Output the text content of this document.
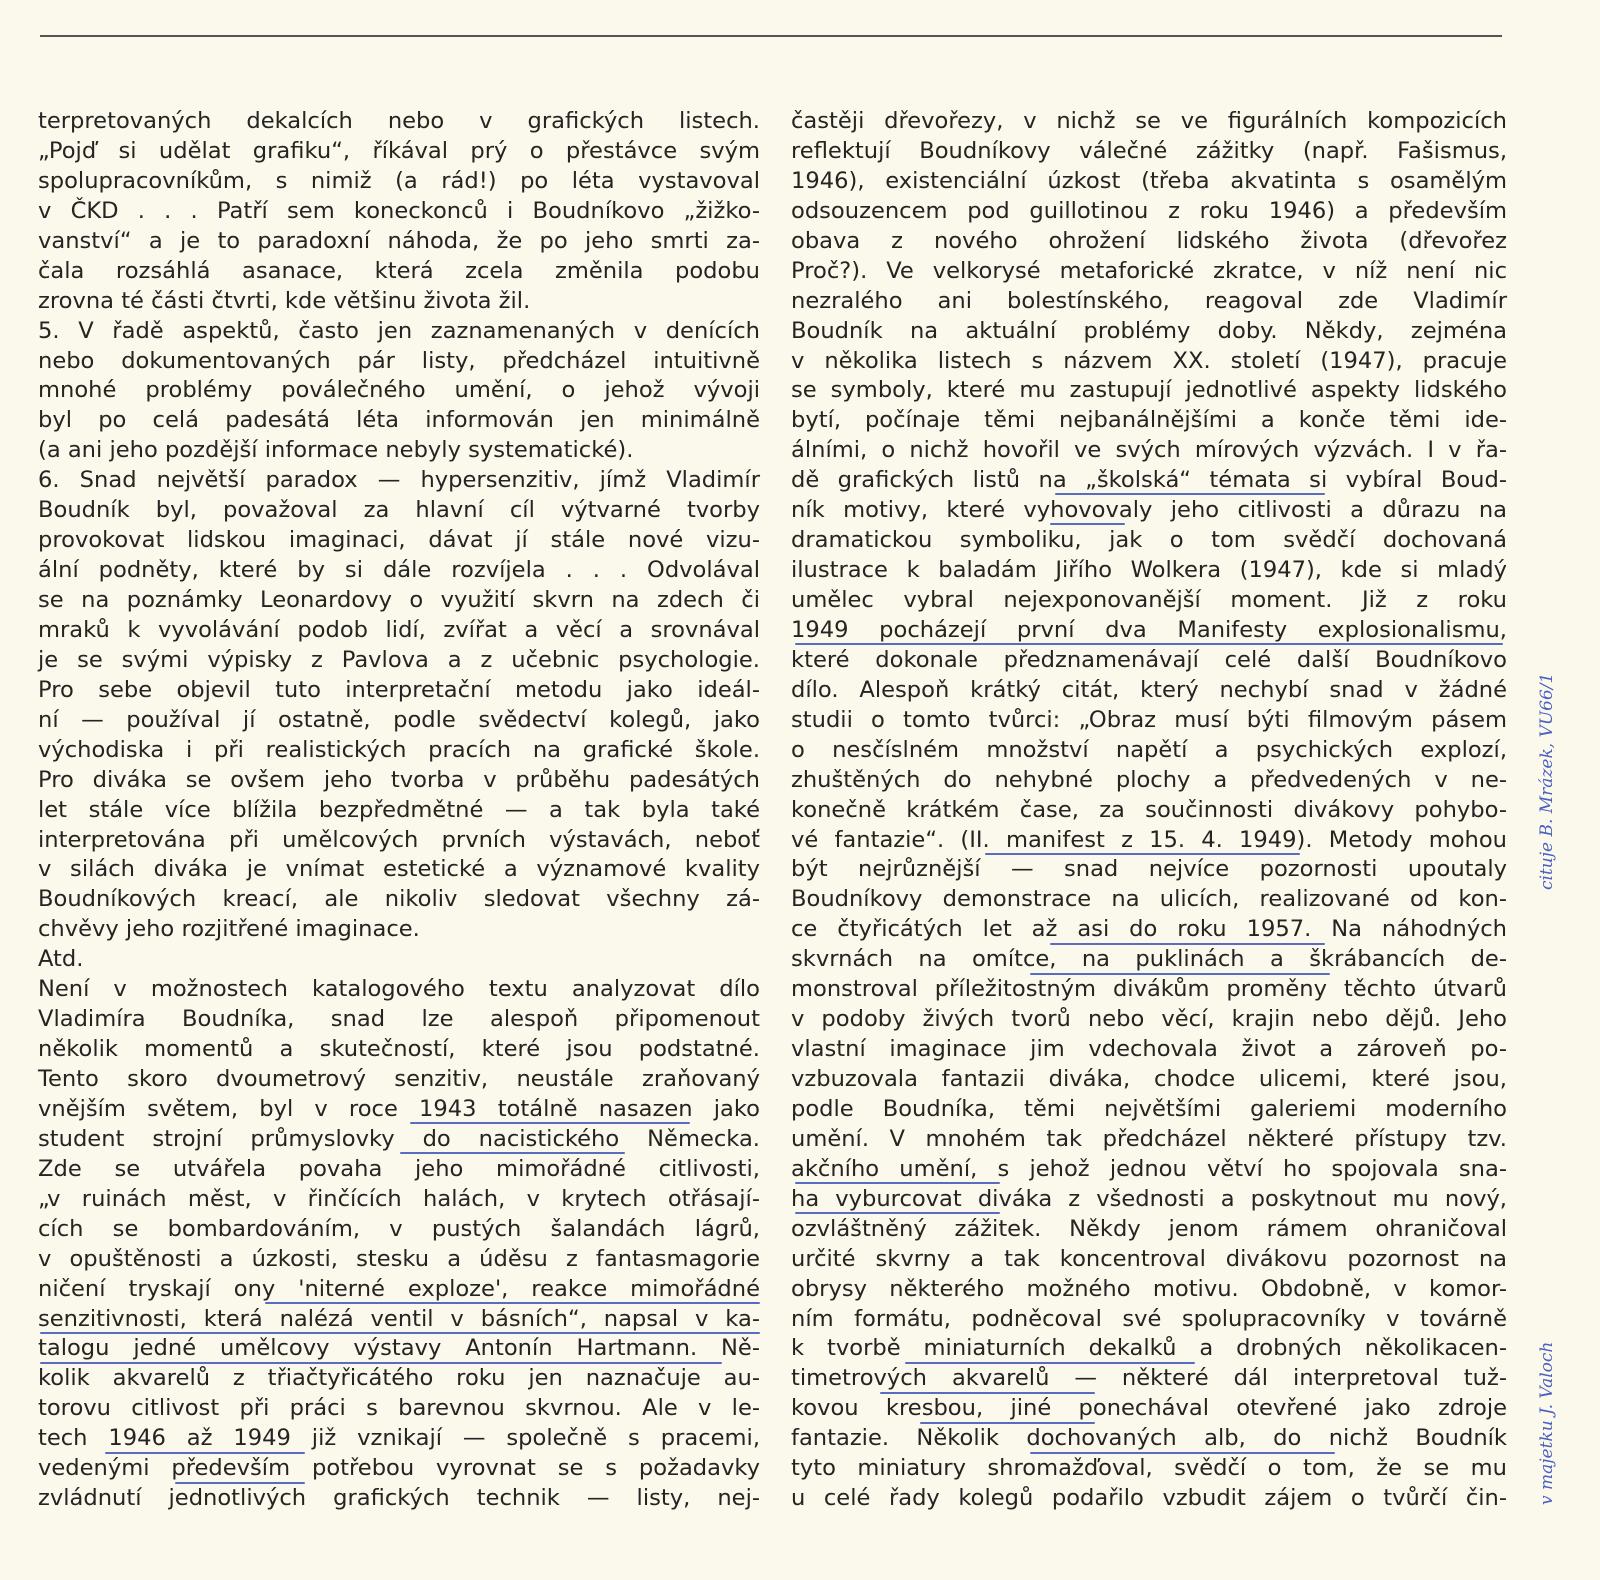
terpretovaných dekalcích nebo v grafických listech.
„Pojď si udělat grafiku“, říkával prý o přestávce svým
spolupracovníkům, s nimiž (a rád!) po léta vystavoval
v ČKD . . . Patří sem koneckonců i Boudníkovo „žižko-
vanství“ a je to paradoxní náhoda, že po jeho smrti za-
čala rozsáhlá asanace, která zcela změnila podobu
zrovna té části čtvrti, kde většinu života žil.
5. V řadě aspektů, často jen zaznamenaných v denících
nebo dokumentovaných pár listy, předcházel intuitivně
mnohé problémy poválečného umění, o jehož vývoji
byl po celá padesátá léta informován jen minimálně
(a ani jeho pozdější informace nebyly systematické).
6. Snad největší paradox — hypersenzitiv, jímž Vladimír
Boudník byl, považoval za hlavní cíl výtvarné tvorby
provokovat lidskou imaginaci, dávat jí stále nové vizu-
ální podněty, které by si dále rozvíjela . . . Odvolával
se na poznámky Leonardovy o využití skvrn na zdech či
mraků k vyvolávání podob lidí, zvířat a věcí a srovnával
je se svými výpisky z Pavlova a z učebnic psychologie.
Pro sebe objevil tuto interpretační metodu jako ideál-
ní — používal jí ostatně, podle svědectví kolegů, jako
východiska i při realistických pracích na grafické škole.
Pro diváka se ovšem jeho tvorba v průběhu padesátých
let stále více blížila bezpředmětné — a tak byla také
interpretována při umělcových prvních výstavách, neboť
v silách diváka je vnímat estetické a významové kvality
Boudníkových kreací, ale nikoliv sledovat všechny zá-
chvěvy jeho rozjitřené imaginace.
Atd.
Není v možnostech katalogového textu analyzovat dílo
Vladimíra Boudníka, snad lze alespoň připomenout
několik momentů a skutečností, které jsou podstatné.
Tento skoro dvoumetrový senzitiv, neustále zraňovaný
vnějším světem, byl v roce 1943 totálně nasazen jako
student strojní průmyslovky do nacistického Německa.
Zde se utvářela povaha jeho mimořádné citlivosti,
„v ruinách měst, v řinčících halách, v krytech otřásají-
cích se bombardováním, v pustých šalandách lágrů,
v opuštěnosti a úzkosti, stesku a úděsu z fantasmagorie
ničení tryskají ony 'niterné exploze', reakce mimořádné
senzitivnosti, která nalézá ventil v básních“, napsal v ka-
talogu jedné umělcovy výstavy Antonín Hartmann. Ně-
kolik akvarelů z třiačtyřicátého roku jen naznačuje au-
torovu citlivost při práci s barevnou skvrnou. Ale v le-
tech 1946 až 1949 již vznikají — společně s pracemi,
vedenými především potřebou vyrovnat se s požadavky
zvládnutí jednotlivých grafických technik — listy, nej-
častěji dřevořezy, v nichž se ve figurálních kompozicích
reflektují Boudníkovy válečné zážitky (např. Fašismus,
1946), existenciální úzkost (třeba akvatinta s osamělým
odsouzencem pod guillotinou z roku 1946) a především
obava z nového ohrožení lidského života (dřevořez
Proč?). Ve velkorysé metaforické zkratce, v níž není nic
nezralého ani bolestínského, reagoval zde Vladimír
Boudník na aktuální problémy doby. Někdy, zejména
v několika listech s názvem XX. století (1947), pracuje
se symboly, které mu zastupují jednotlivé aspekty lidského
bytí, počínaje těmi nejbanálnějšími a konče těmi ide-
álními, o nichž hovořil ve svých mírových výzvách. I v řa-
dě grafických listů na „školská“ témata si vybíral Boud-
ník motivy, které vyhovovaly jeho citlivosti a důrazu na
dramatickou symboliku, jak o tom svědčí dochovaná
ilustrace k baladám Jiřího Wolkera (1947), kde si mladý
umělec vybral nejexponovanější moment. Již z roku
1949 pocházejí první dva Manifesty explosionalismu,
které dokonale předznamenávají celé další Boudníkovo
dílo. Alespoň krátký citát, který nechybí snad v žádné
studii o tomto tvůrci: „Obraz musí býti filmovým pásem
o nesčíslném množství napětí a psychických explozí,
zhuštěných do nehybné plochy a předvedených v ne-
konečně krátkém čase, za součinnosti divákovy pohybo-
vé fantazie“. (II. manifest z 15. 4. 1949). Metody mohou
být nejrůznější — snad nejvíce pozornosti upoutaly
Boudníkovy demonstrace na ulicích, realizované od kon-
ce čtyřicátých let až asi do roku 1957. Na náhodných
skvrnách na omítce, na puklinách a škrábancích de-
monstroval příležitostným divákům proměny těchto útvarů
v podoby živých tvorů nebo věcí, krajin nebo dějů. Jeho
vlastní imaginace jim vdechovala život a zároveň po-
vzbuzovala fantazii diváka, chodce ulicemi, které jsou,
podle Boudníka, těmi největšími galeriemi moderního
umění. V mnohém tak předcházel některé přístupy tzv.
akčního umění, s jehož jednou větví ho spojovala sna-
ha vyburcovat diváka z všednosti a poskytnout mu nový,
ozvláštněný zážitek. Někdy jenom rámem ohraničoval
určité skvrny a tak koncentroval divákovu pozornost na
obrysy některého možného motivu. Obdobně, v komor-
ním formátu, podněcoval své spolupracovníky v továrně
k tvorbě miniaturních dekalků a drobných několikacen-
timetrových akvarelů — některé dál interpretoval tuž-
kovou kresbou, jiné ponechával otevřené jako zdroje
fantazie. Několik dochovaných alb, do nichž Boudník
tyto miniatury shromažďoval, svědčí o tom, že se mu
u celé řady kolegů podařilo vzbudit zájem o tvůrčí čin-
cituje B. Mrázek, VU66/1
v majetku J. Valoch
